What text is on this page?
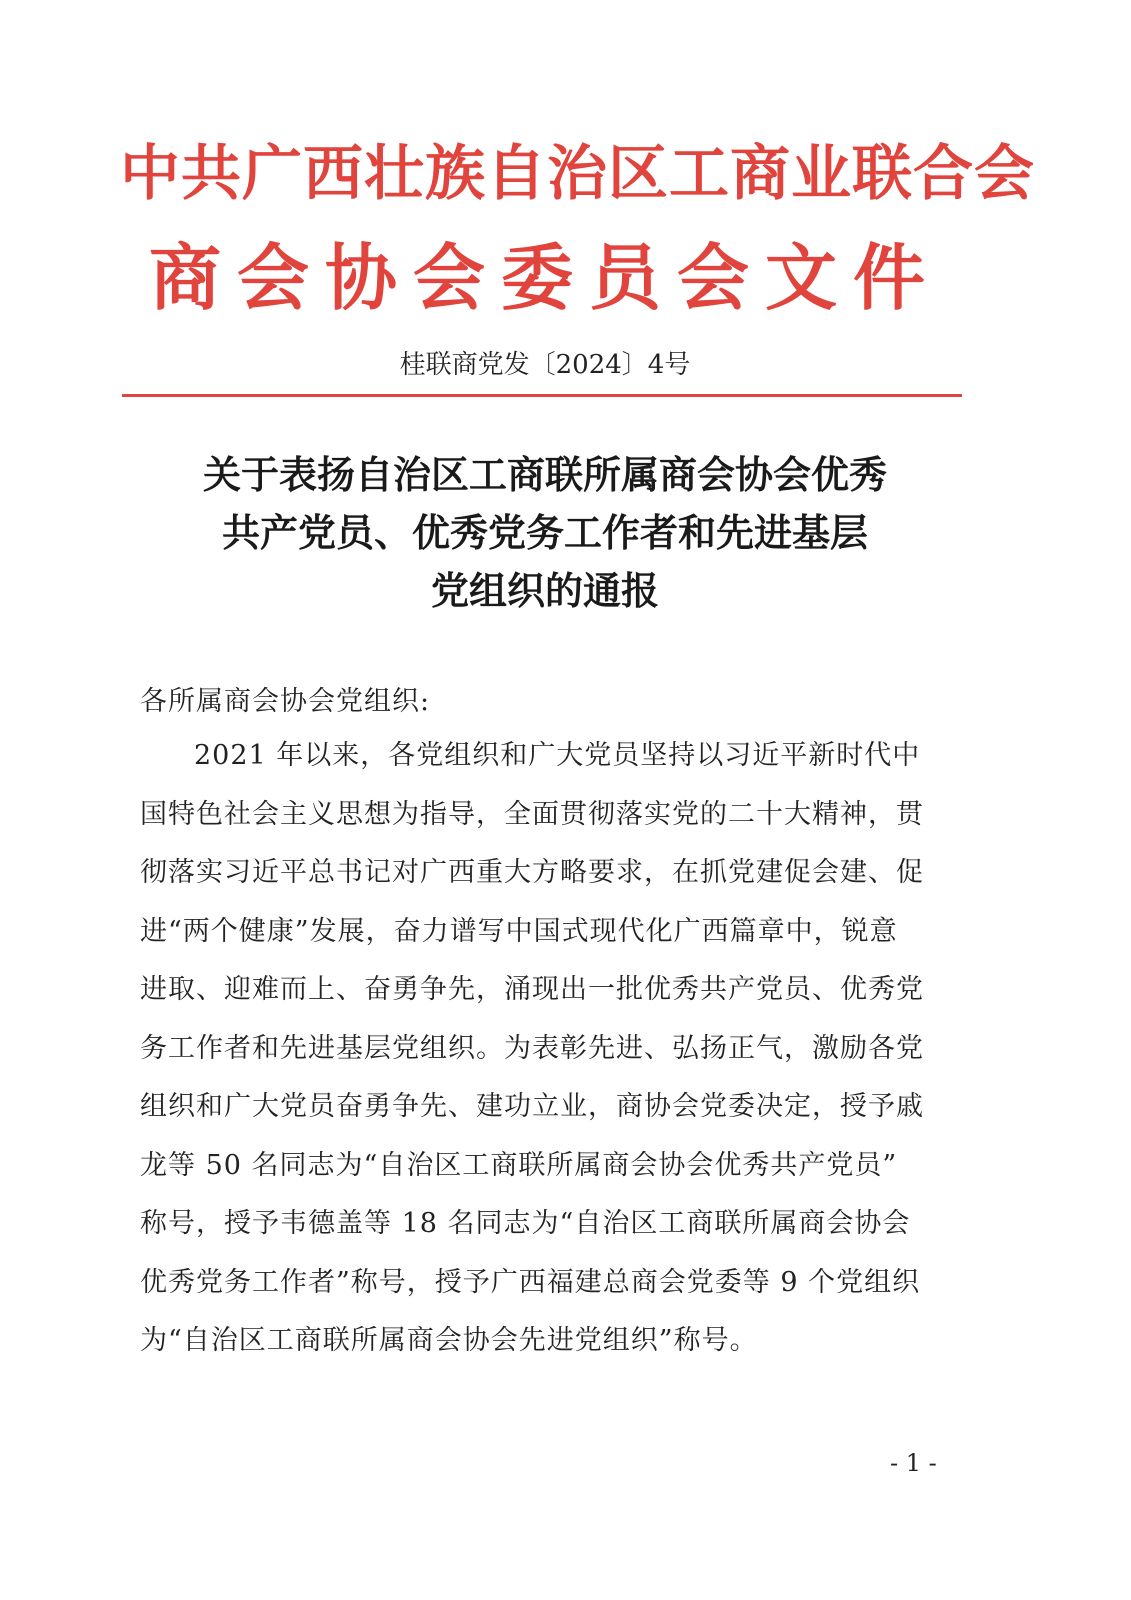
中共广西壮族自治区工商业联合会
商会协会委员会文件
桂联商党发〔2024〕4号
关于表扬自治区工商联所属商会协会优秀
共产党员、优秀党务工作者和先进基层
党组织的通报
各所属商会协会党组织:
2021 年以来，各党组织和广大党员坚持以习近平新时代中
国特色社会主义思想为指导，全面贯彻落实党的二十大精神，贯
彻落实习近平总书记对广西重大方略要求，在抓党建促会建、促
进“两个健康”发展，奋力谱写中国式现代化广西篇章中，锐意
进取、迎难而上、奋勇争先，涌现出一批优秀共产党员、优秀党
务工作者和先进基层党组织。为表彰先进、弘扬正气，激励各党
组织和广大党员奋勇争先、建功立业，商协会党委决定，授予戚
龙等 50 名同志为“自治区工商联所属商会协会优秀共产党员”
称号，授予韦德盖等 18 名同志为“自治区工商联所属商会协会
优秀党务工作者”称号，授予广西福建总商会党委等 9 个党组织
为“自治区工商联所属商会协会先进党组织”称号。
- 1 -
